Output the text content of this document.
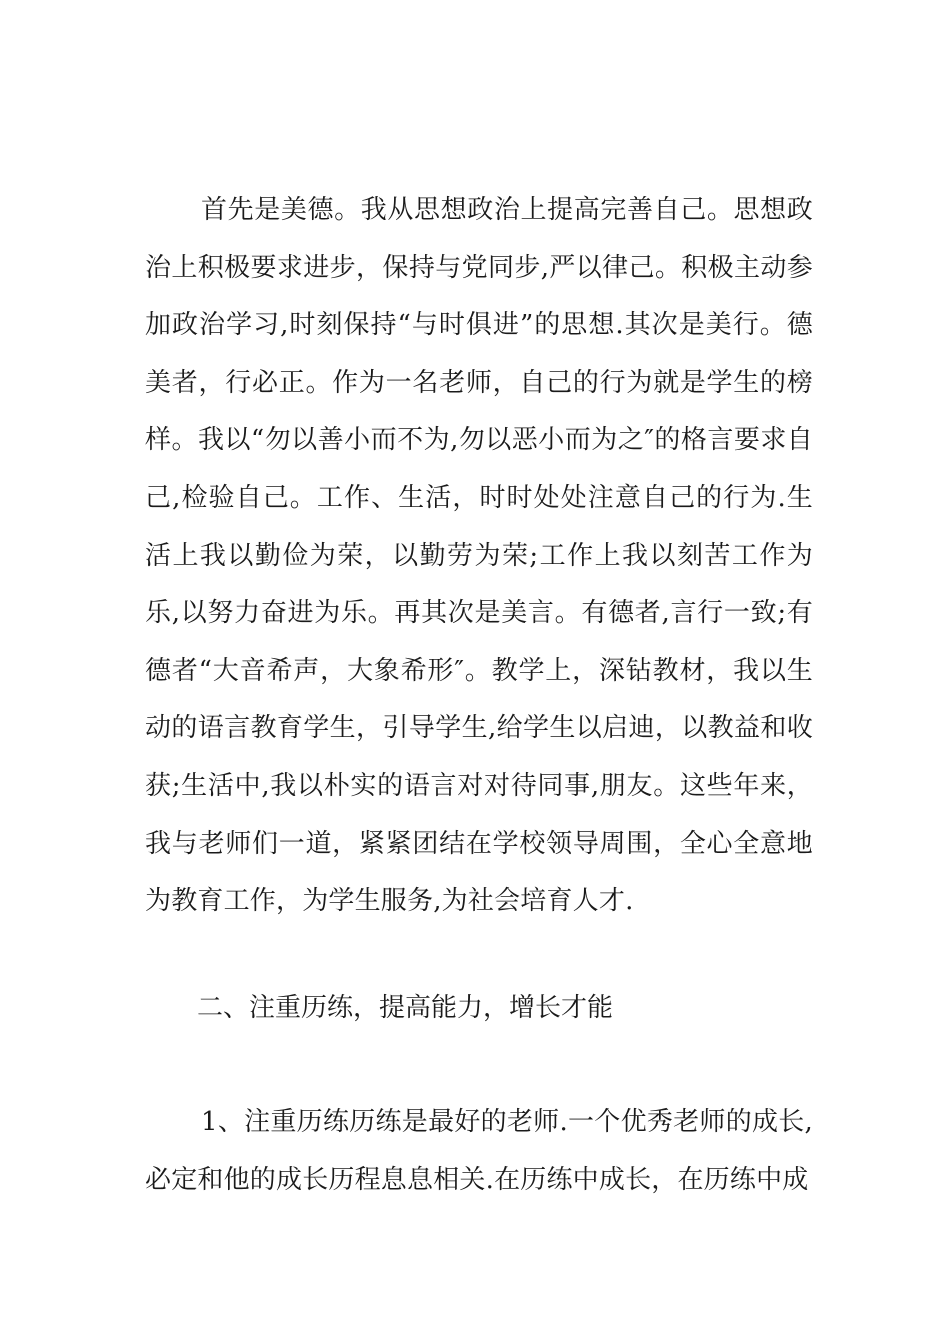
首先是美德。我从思想政治上提高完善自己。思想政治上积极要求进步，保持与党同步,严以律己。积极主动参加政治学习,时刻保持“与时俱进”的思想.其次是美行。德美者，行必正。作为一名老师，自己的行为就是学生的榜样。我以“勿以善小而不为,勿以恶小而为之″的格言要求自己,检验自己。工作、生活，时时处处注意自己的行为.生活上我以勤俭为荣，以勤劳为荣;工作上我以刻苦工作为乐,以努力奋进为乐。再其次是美言。有德者,言行一致;有德者“大音希声，大象希形″。教学上，深钻教材，我以生动的语言教育学生，引导学生,给学生以启迪，以教益和收获;生活中,我以朴实的语言对对待同事,朋友。这些年来，我与老师们一道，紧紧团结在学校领导周围，全心全意地为教育工作，为学生服务,为社会培育人才.

二、注重历练，提高能力，增长才能

1、注重历练历练是最好的老师.一个优秀老师的成长,必定和他的成长历程息息相关.在历练中成长，在历练中成
